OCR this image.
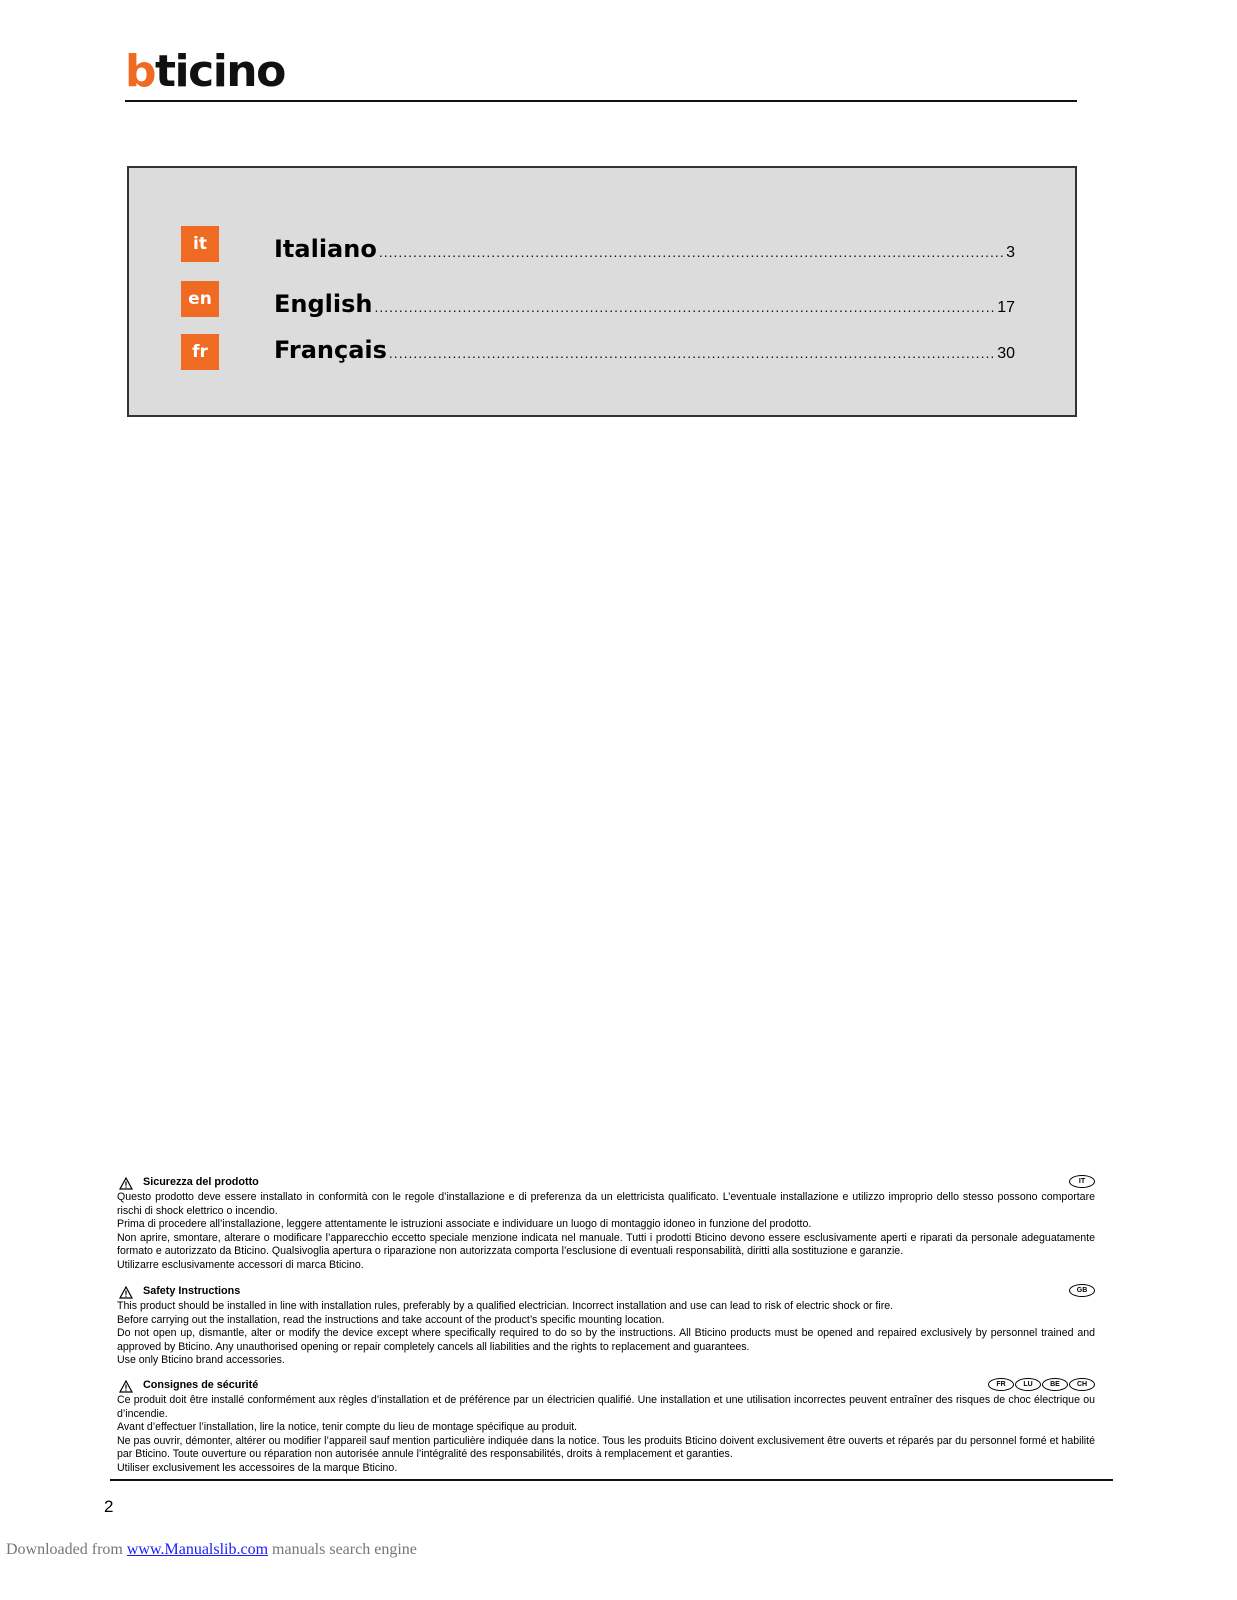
bticino
it	Italiano .....	3
en	English .....	17
fr	Français .....	30
Sicurezza del prodotto	IT

Questo prodotto deve essere installato in conformità con le regole d’installazione e di preferenza da un elettricista qualificato. L’eventuale installazione e utilizzo improprio dello stesso possono comportare rischi di shock elettrico o incendio.

Prima di procedere all’installazione, leggere attentamente le istruzioni associate e individuare un luogo di montaggio idoneo in funzione del prodotto.

Non aprire, smontare, alterare o modificare l’apparecchio eccetto speciale menzione indicata nel manuale. Tutti i prodotti Bticino devono essere esclusivamente aperti e riparati da personale adeguatamente formato e autorizzato da Bticino. Qualsivoglia apertura o riparazione non autorizzata comporta l’esclusione di eventuali responsabilità, diritti alla sostituzione e garanzie.

Utilizarre esclusivamente accessori di marca Bticino.

Safety Instructions	GB

This product should be installed in line with installation rules, preferably by a qualified electrician. Incorrect installation and use can lead to risk of electric shock or fire.

Before carrying out the installation, read the instructions and take account of the product’s specific mounting location.

Do not open up, dismantle, alter or modify the device except where specifically required to do so by the instructions. All Bticino products must be opened and repaired exclusively by personnel trained and approved by Bticino. Any unauthorised opening or repair completely cancels all liabilities and the rights to replacement and guarantees.

Use only Bticino brand accessories.

Consignes de sécurité	FR	LU	BE	CH

Ce produit doit être installé conformément aux règles d’installation et de préférence par un électricien qualifié. Une installation et une utilisation incorrectes peuvent entraîner des risques de choc électrique ou d’incendie.

Avant d’effectuer l’installation, lire la notice, tenir compte du lieu de montage spécifique au produit.

Ne pas ouvrir, démonter, altérer ou modifier l’appareil sauf mention particulière indiquée dans la notice. Tous les produits Bticino doivent exclusivement être ouverts et réparés par du personnel formé et habilité par Bticino. Toute ouverture ou réparation non autorisée annule l’intégralité des responsabilités, droits à remplacement et garanties.

Utiliser exclusivement les accessoires de la marque Bticino.

2
Downloaded from www.Manualslib.com manuals search engine
